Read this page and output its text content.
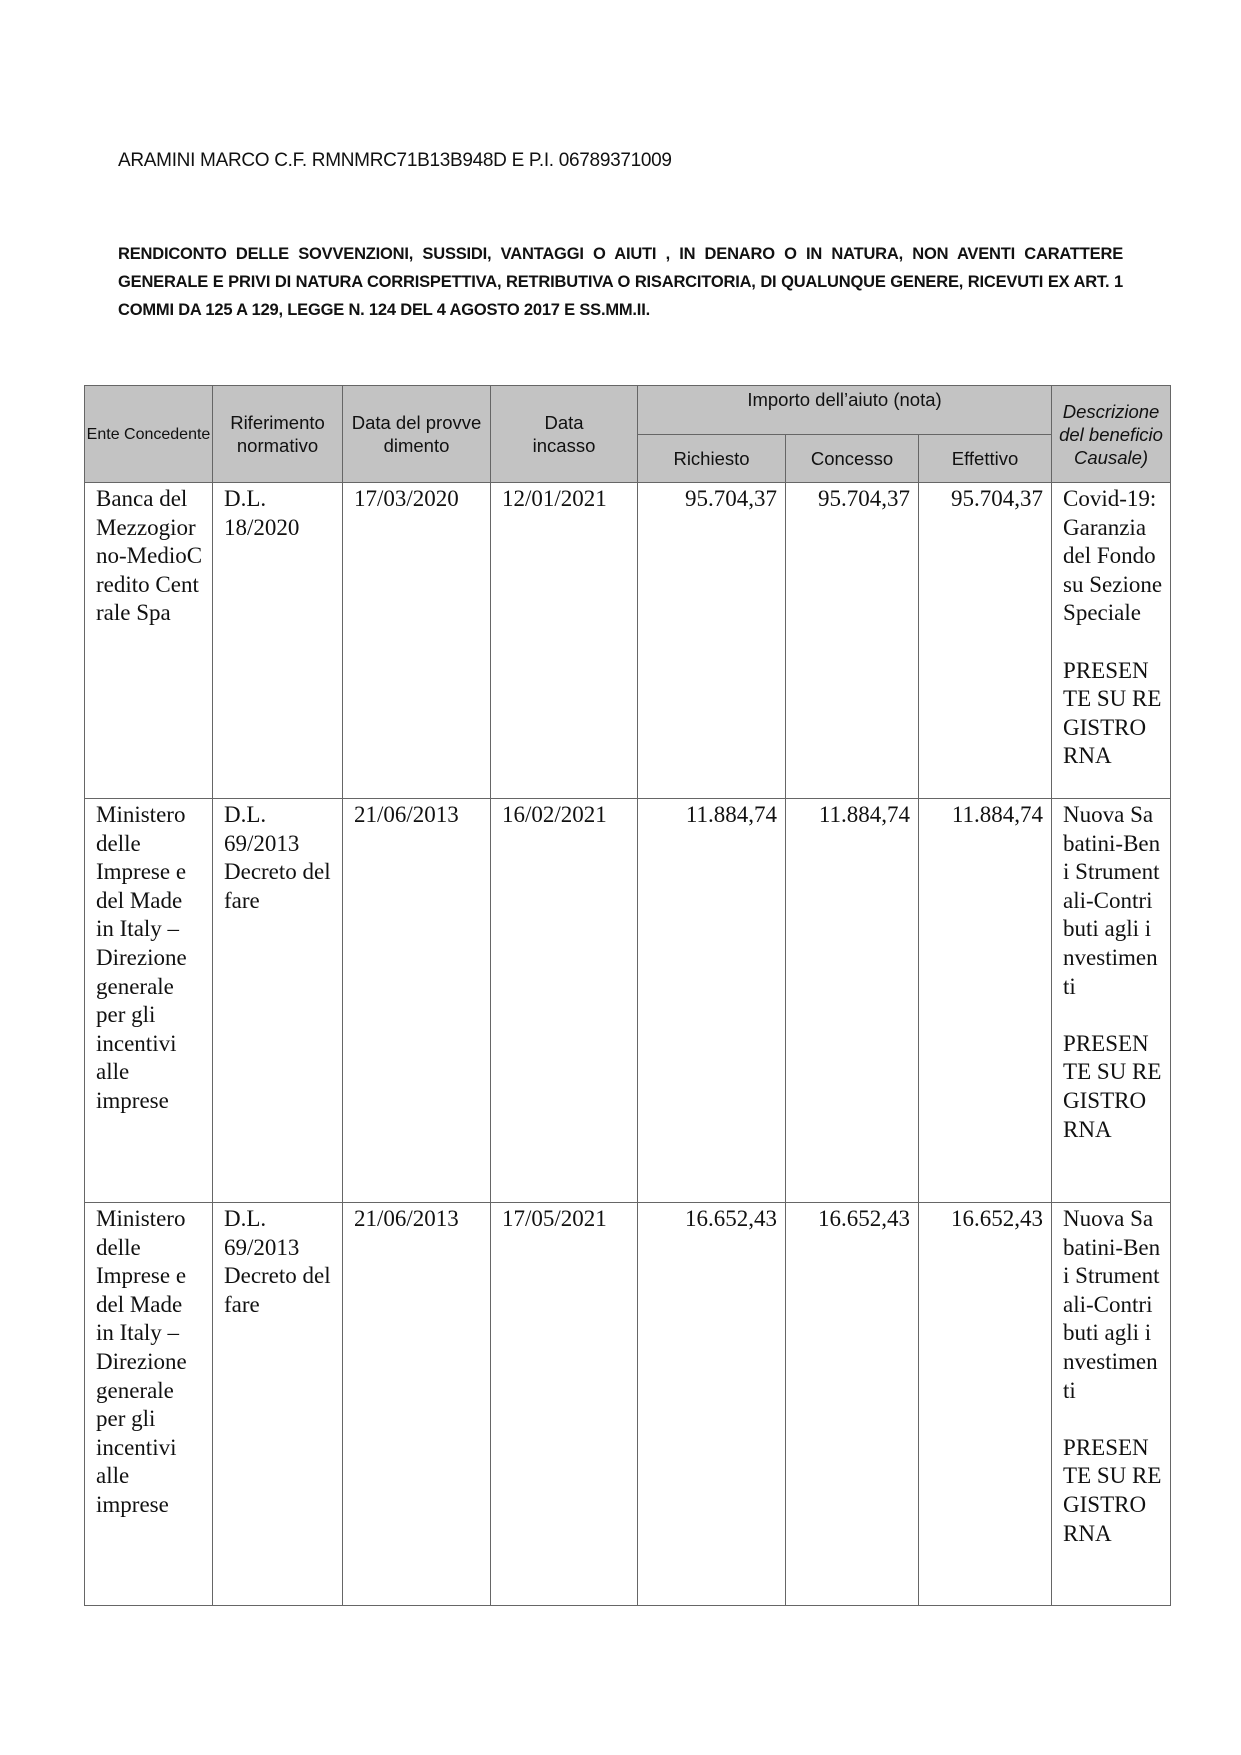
ARAMINI MARCO C.F. RMNMRC71B13B948D E P.I. 06789371009
RENDICONTO DELLE SOVVENZIONI, SUSSIDI, VANTAGGI O AIUTI , IN DENARO O IN NATURA, NON AVENTI CARATTERE GENERALE E PRIVI DI NATURA CORRISPETTIVA, RETRIBUTIVA O RISARCITORIA, DI QUALUNQUE GENERE, RICEVUTI EX ART. 1 COMMI DA 125 A 129, LEGGE N. 124 DEL 4 AGOSTO 2017 E SS.MM.II.
Ente Concedente	Riferimento normativo	Data del provvedimento	Data incasso	Importo dell’aiuto (nota)			Descrizione del beneficio Causale)
				Richiesto	Concesso	Effettivo	
Banca del Mezzogiorno-MedioCredito Centrale Spa	D.L. 18/2020	17/03/2020	12/01/2021	95.704,37	95.704,37	95.704,37	Covid-19:Garanzia del Fondo su Sezione Speciale

PRESENTE SU REGISTRO RNA
Ministero delle Imprese e del Made in Italy – Direzione generale per gli incentivi alle imprese	D.L. 69/2013 Decreto del fare	21/06/2013	16/02/2021	11.884,74	11.884,74	11.884,74	Nuova Sabatini-Beni Strumentali-Contributi agli investimenti

PRESENTE SU REGISTRO RNA
Ministero delle Imprese e del Made in Italy – Direzione generale per gli incentivi alle imprese	D.L. 69/2013 Decreto del fare	21/06/2013	17/05/2021	16.652,43	16.652,43	16.652,43	Nuova Sabatini-Beni Strumentali-Contributi agli investimenti

PRESENTE SU REGISTRO RNA
